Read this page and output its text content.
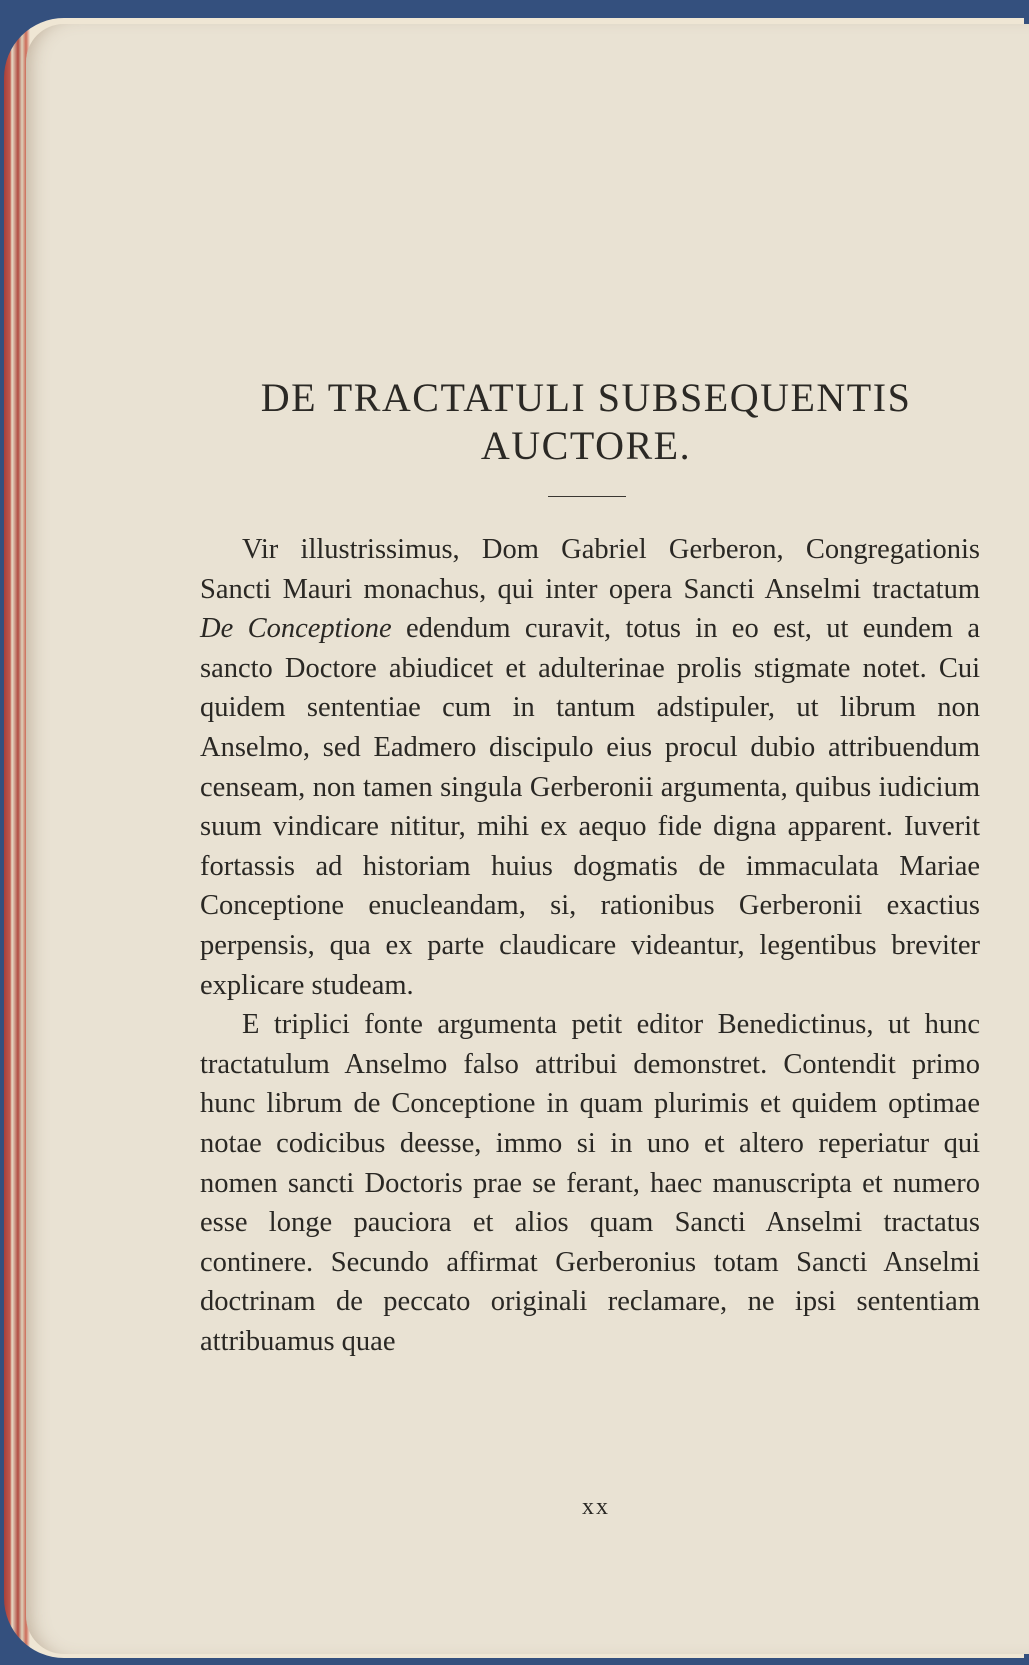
DE TRACTATULI SUBSEQUENTIS
AUCTORE.

Vir illustrissimus, Dom Gabriel Gerberon, Congregationis Sancti Mauri monachus, qui inter opera Sancti Anselmi tractatum De Conceptione edendum curavit, totus in eo est, ut eundem a sancto Doctore abiudicet et adulterinae prolis stigmate notet. Cui quidem sententiae cum in tantum adstipuler, ut librum non Anselmo, sed Eadmero discipulo eius procul dubio attribuendum censeam, non tamen singula Gerberonii argumenta, quibus iudicium suum vindicare nititur, mihi ex aequo fide digna apparent. Iuverit fortassis ad historiam huius dogmatis de immaculata Mariae Conceptione enucleandam, si, rationibus Gerberonii exactius perpensis, qua ex parte claudicare videantur, legentibus breviter explicare studeam.

E triplici fonte argumenta petit editor Benedictinus, ut hunc tractatulum Anselmo falso attribui demonstret. Contendit primo hunc librum de Conceptione in quam plurimis et quidem optimae notae codicibus deesse, immo si in uno et altero reperiatur qui nomen sancti Doctoris prae se ferant, haec manuscripta et numero esse longe pauciora et alios quam Sancti Anselmi tractatus continere. Secundo affirmat Gerberonius totam Sancti Anselmi doctrinam de peccato originali reclamare, ne ipsi sententiam attribuamus quae

xx
